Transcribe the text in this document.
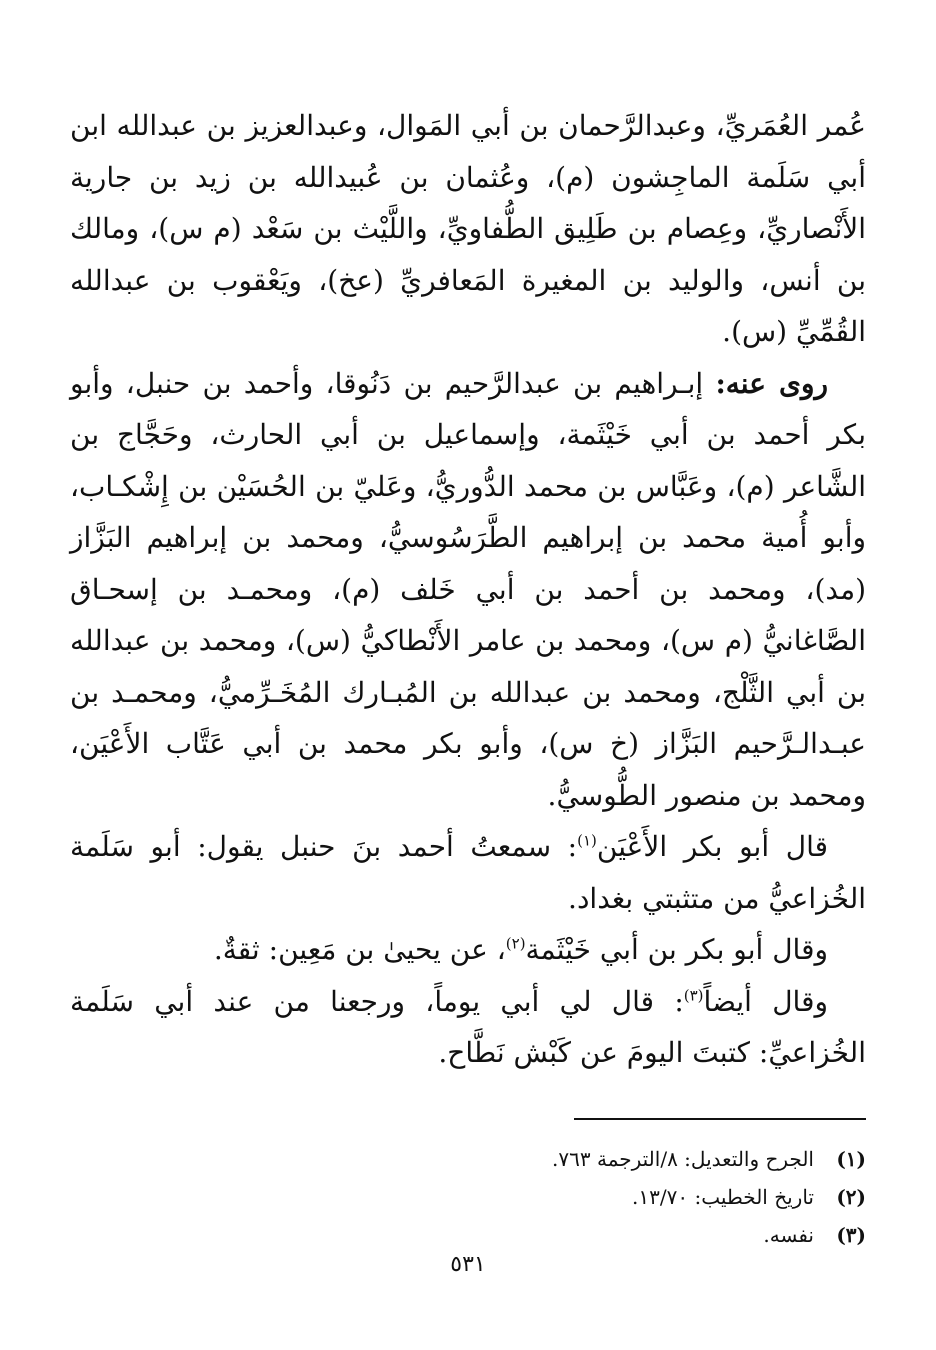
عُمر العُمَريِّ، وعبدالرَّحمان بن أبي المَوال، وعبدالعزيز بن عبدالله ابن أبي سَلَمة الماجِشون (م)، وعُثمان بن عُبيدالله بن زيد بن جارية الأَنْصاريِّ، وعِصام بن طَلِيق الطُّفاويِّ، واللَّيْث بن سَعْد (م س)، ومالك بن أنس، والوليد بن المغيرة المَعافريِّ (عخ)، ويَعْقوب بن عبدالله القُمِّيِّ (س).

روى عنه: إبـراهيم بن عبدالرَّحيم بن دَنُوقا، وأحمد بن حنبل، وأبو بكر أحمد بن أبي خَيْثَمة، وإسماعيل بن أبي الحارث، وحَجَّاج بن الشَّاعر (م)، وعَبَّاس بن محمد الدُّوريُّ، وعَليّ بن الحُسَيْن بن إِشْكـاب، وأبو أُمية محمد بن إبراهيم الطَّرَسُوسيُّ، ومحمد بن إبراهيم البَزَّاز (مد)، ومحمد بن أحمد بن أبي خَلف (م)، ومحمـد بن إسحـاق الصَّاغانيُّ (م س)، ومحمد بن عامر الأَنْطاكيُّ (س)، ومحمد بن عبدالله بن أبي الثَّلْج، ومحمد بن عبدالله بن المُبـارك المُخَـرِّميُّ، ومحمـد بن عبـدالـرَّحيم البَزَّاز (خ س)، وأبو بكر محمد بن أبي عَتَّاب الأَعْيَن، ومحمد بن منصور الطُّوسيُّ.

قال أبو بكر الأَعْيَن$^{(١)}$: سمعتُ أحمد بنَ حنبل يقول: أبو سَلَمة الخُزاعيُّ من متثبتي بغداد.

وقال أبو بكر بن أبي خَيْثَمة$^{(٢)}$، عن يحيىٰ بن مَعِين: ثقةٌ.

وقال أيضاً$^{(٣)}$: قال لي أبي يوماً، ورجعنا من عند أبي سَلَمة الخُزاعيِّ: كتبتَ اليومَ عن كَبْش نَطَّاح.

(١)
الجرح والتعديل: ٨/الترجمة ٧٦٣.
(٢)
تاريخ الخطيب: ١٣/٧٠.
(٣)
نفسه.
٥٣١
